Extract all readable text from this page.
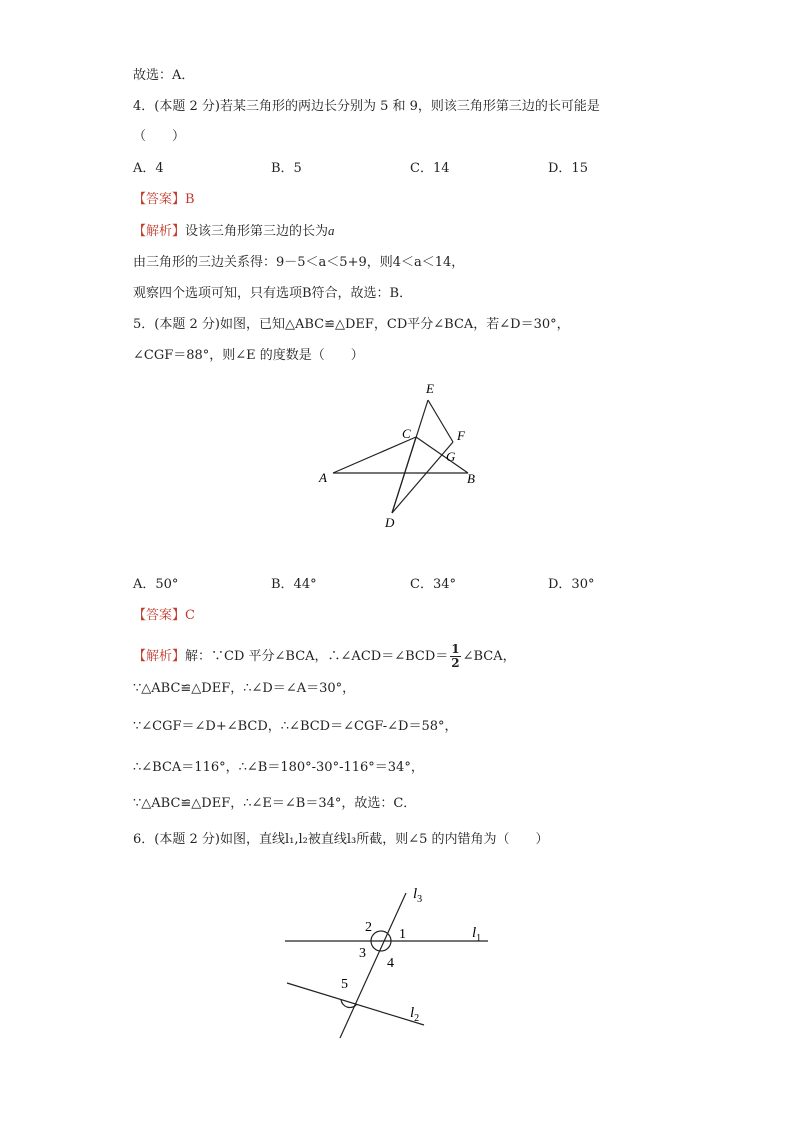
故选：A．
4．(本题 2 分)若某三角形的两边长分别为 5 和 9，则该三角形第三边的长可能是
（　　）
A．4	B．5	C．14	D．15
【答案】B
【解析】设该三角形第三边的长为a
由三角形的三边关系得：9－5＜a＜5+9，则4＜a＜14，
观察四个选项可知，只有选项B符合，故选：B．
5．(本题 2 分)如图，已知△ABC≌△DEF，CD平分∠BCA，若∠D＝30°，
∠CGF＝88°，则∠E 的度数是（　　）
E
C	F
G
A	B
D
A．50°	B．44°	C．34°	D．30°
【答案】C
【解析】解：∵CD 平分∠BCA，∴∠ACD＝∠BCD＝ $\frac{1}{2}$ ∠BCA，
∵△ABC≌△DEF，∴∠D＝∠A＝30°，
∵∠CGF＝∠D+∠BCD，∴∠BCD＝∠CGF-∠D＝58°，
∴∠BCA＝116°，∴∠B＝180°-30°-116°＝34°，
∵△ABC≌△DEF，∴∠E＝∠B＝34°，故选：C．
6．(本题 2 分)如图，直线l₁,l₂被直线l₃所截，则∠5 的内错角为（　　）
$l_3$
$l_1$
$l_2$
1
2
3
4
5
